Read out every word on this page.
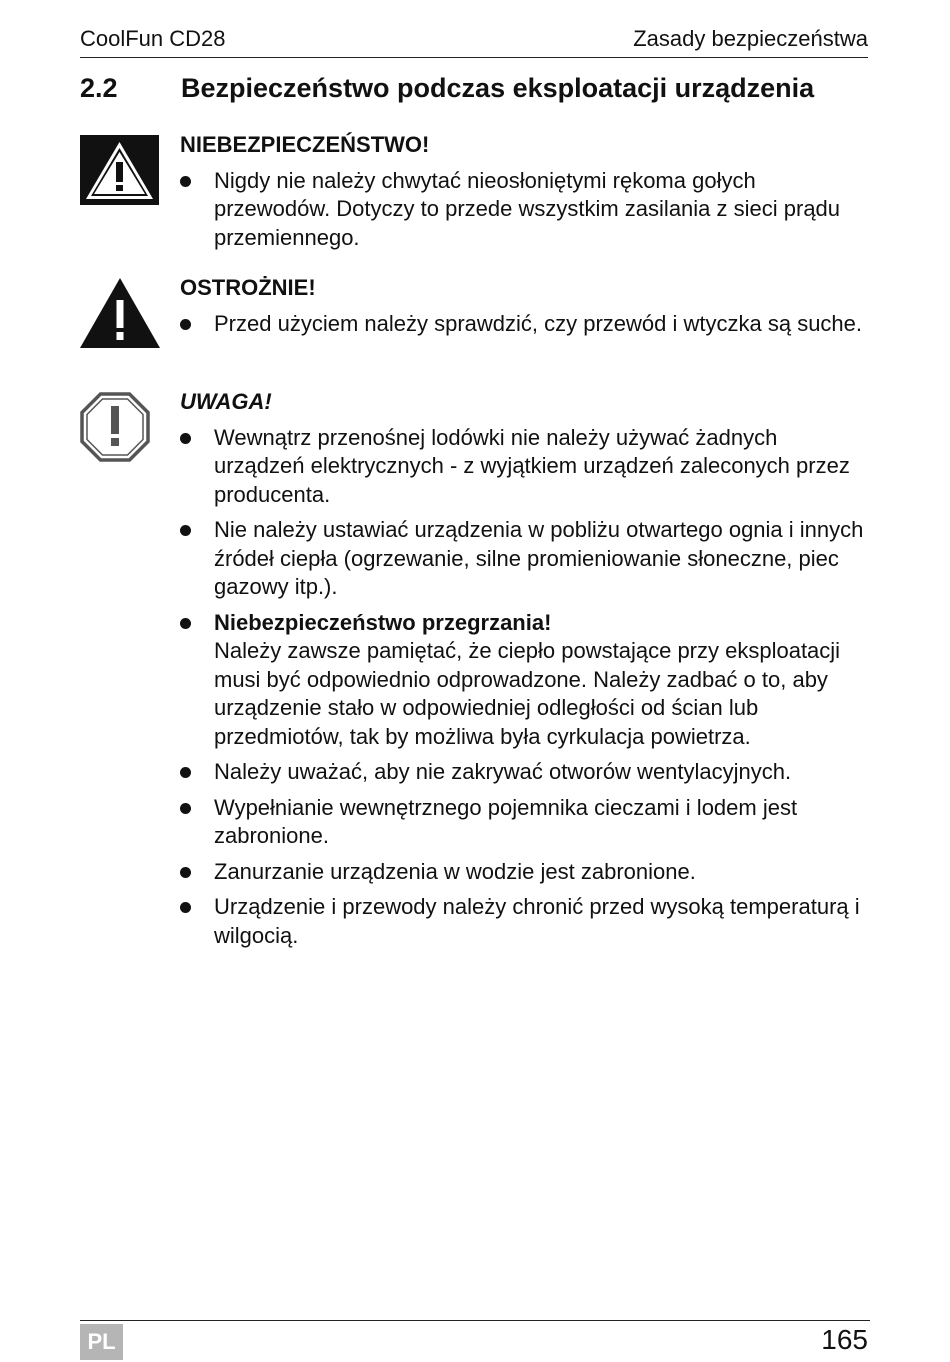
CoolFun CD28	Zasady bezpieczeństwa
2.2 Bezpieczeństwo podczas eksploatacji urządzenia
NIEBEZPIECZEŃSTWO!
Nigdy nie należy chwytać nieosłoniętymi rękoma gołych przewodów. Dotyczy to przede wszystkim zasilania z sieci prądu przemiennego.
OSTROŻNIE!
Przed użyciem należy sprawdzić, czy przewód i wtyczka są suche.
UWAGA!
Wewnątrz przenośnej lodówki nie należy używać żadnych urządzeń elektrycznych - z wyjątkiem urządzeń zaleconych przez producenta.
Nie należy ustawiać urządzenia w pobliżu otwartego ognia i innych źródeł ciepła (ogrzewanie, silne promieniowanie słoneczne, piec gazowy itp.).
Niebezpieczeństwo przegrzania!
Należy zawsze pamiętać, że ciepło powstające przy eksploatacji musi być odpowiednio odprowadzone. Należy zadbać o to, aby urządzenie stało w odpowiedniej odległości od ścian lub przedmiotów, tak by możliwa była cyrkulacja powietrza.
Należy uważać, aby nie zakrywać otworów wentylacyjnych.
Wypełnianie wewnętrznego pojemnika cieczami i lodem jest zabronione.
Zanurzanie urządzenia w wodzie jest zabronione.
Urządzenie i przewody należy chronić przed wysoką temperaturą i wilgocią.
PL	165
